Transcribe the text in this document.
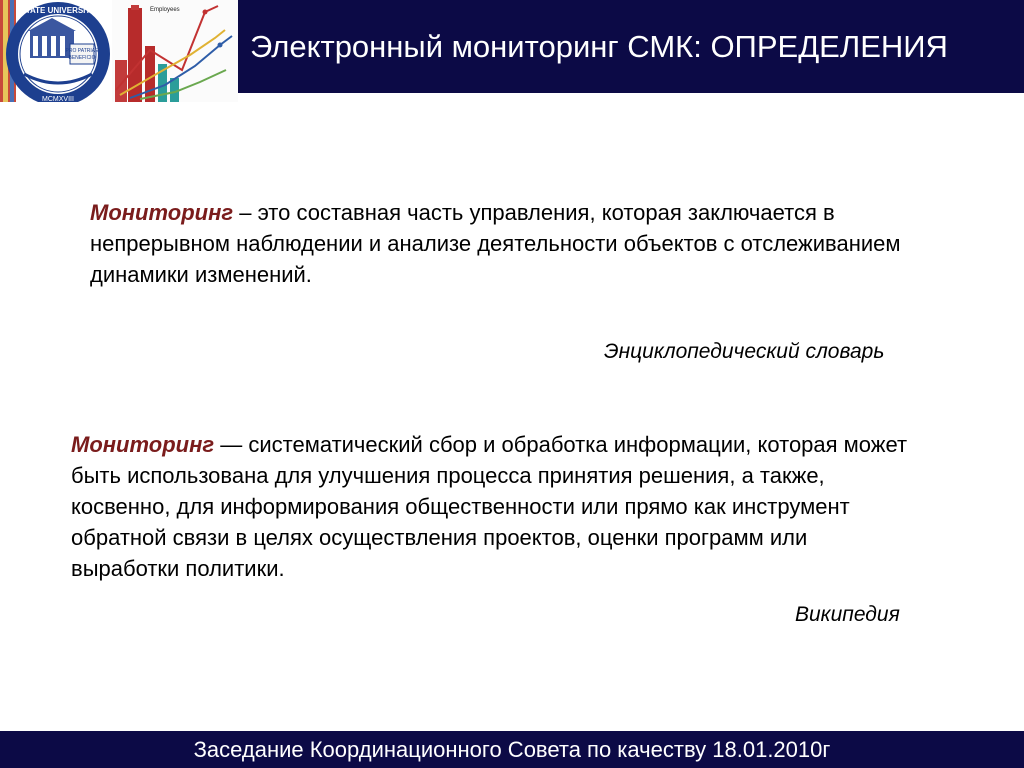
Employees
PRO PATRIAE
BENEFICIO
STATE UNIVERSITY
MCMXVIII
Электронный мониторинг СМК: ОПРЕДЕЛЕНИЯ
Мониторинг – это составная часть управления, которая заключается в непрерывном наблюдении и анализе деятельности объектов с отслеживанием динамики изменений.
Энциклопедический словарь
Мониторинг — систематический сбор и обработка информации, которая может быть использована для улучшения процесса принятия решения, а также, косвенно, для информирования общественности или прямо как инструмент обратной связи в целях осуществления проектов, оценки программ или выработки политики.
Википедия
Заседание Координационного Совета по качеству 18.01.2010г
